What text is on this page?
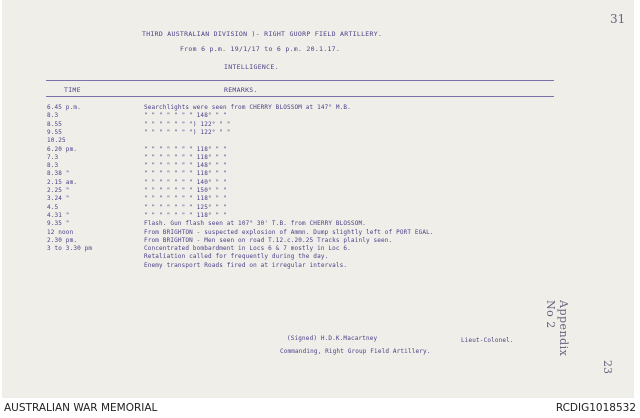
THIRD AUSTRALIAN DIVISION )- RIGHT GUORP FIELD ARTILLERY.
From 6 p.m. 19/1/17 to 6 p.m. 20.1.17.
INTELLIGENCE.
TIME	REMARKS.
6.45 p.m.	Searchlights were seen from CHERRY BLOSSOM at 147° M.B.
8.3	" " " " " " " 148° " "
8.55	" " " " " " ") 122° " "
9.55	" " " " " " ") 122° " "
10.25
6.20 pm.	" " " " " " " 118° " "
7.3	" " " " " " " 118° " "
8.3	" " " " " " " 148° " "
8.38 "	" " " " " " " 118° " "
2.15 am.	" " " " " " " 140° " "
2.25 "	" " " " " " " 150° " "
3.24 "	" " " " " " " 118° " "
4.5	" " " " " " " 125° " "
4.31 "	" " " " " " " 118° " "
9.35 "	Flash. Gun flash seen at 107° 30' T.B. from CHERRY BLOSSOM.
12 noon	From BRIGHTON - suspected explosion of Ammn. Dump slightly left of PORT EGAL.
2.30 pm.	From BRIGHTON - Men seen on road T.12.c.20.25 Tracks plainly seen.
3 to 3.30 pm	Concentrated bombardment in Locs 6 & 7 mostly in Loc 6.
Retaliation called for frequently during the day.
Enemy transport Roads fired on at irregular intervals.
(Signed) H.D.K.Macartney	Lieut-Colonel.
Commanding, Right Group Field Artillery.
31
Appendix No 2
23
AUSTRALIAN WAR MEMORIAL	RCDIG1018532
